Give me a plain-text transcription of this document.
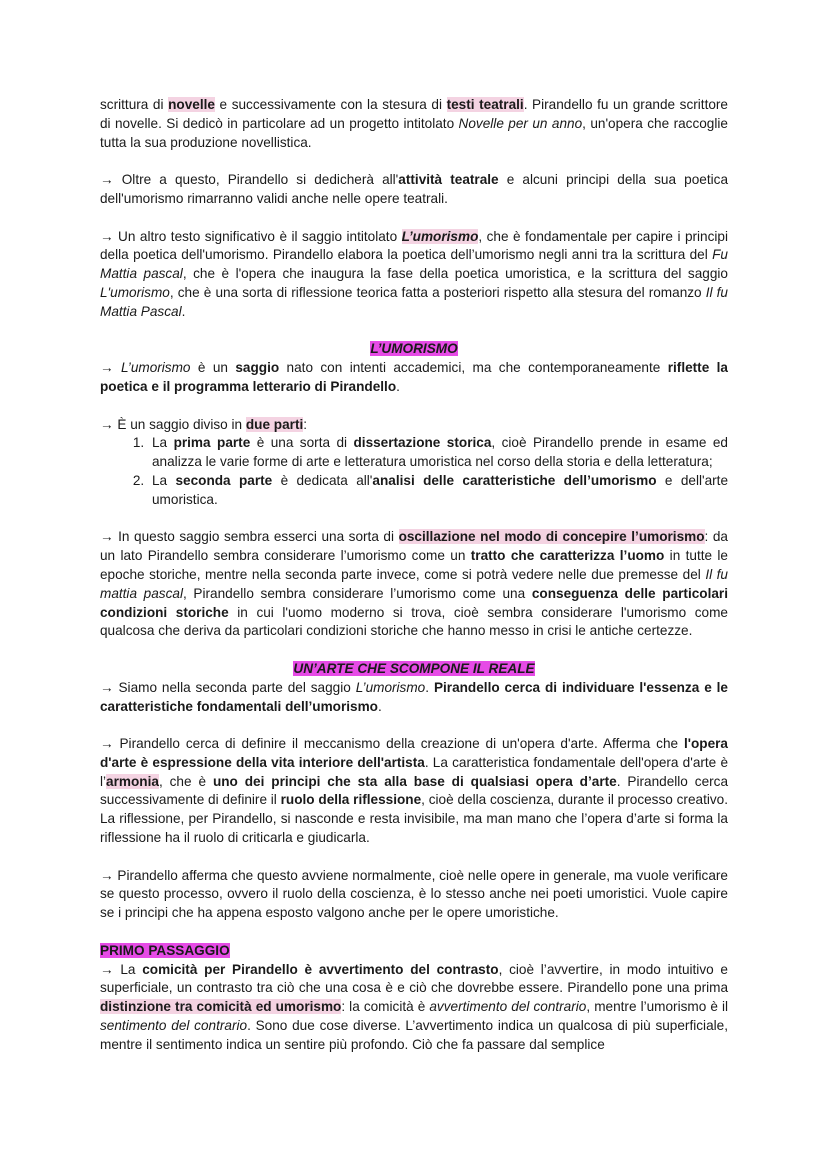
scrittura di novelle e successivamente con la stesura di testi teatrali. Pirandello fu un grande scrittore di novelle. Si dedicò in particolare ad un progetto intitolato Novelle per un anno, un'opera che raccoglie tutta la sua produzione novellistica.

→ Oltre a questo, Pirandello si dedicherà all'attività teatrale e alcuni principi della sua poetica dell'umorismo rimarranno validi anche nelle opere teatrali.

→ Un altro testo significativo è il saggio intitolato L’umorismo, che è fondamentale per capire i principi della poetica dell'umorismo. Pirandello elabora la poetica dell’umorismo negli anni tra la scrittura del Fu Mattia pascal, che è l'opera che inaugura la fase della poetica umoristica, e la scrittura del saggio L'umorismo, che è una sorta di riflessione teorica fatta a posteriori rispetto alla stesura del romanzo Il fu Mattia Pascal.

L’UMORISMO

→ L’umorismo è un saggio nato con intenti accademici, ma che contemporaneamente riflette la poetica e il programma letterario di Pirandello.

→ È un saggio diviso in due parti:

1. La prima parte è una sorta di dissertazione storica, cioè Pirandello prende in esame ed analizza le varie forme di arte e letteratura umoristica nel corso della storia e della letteratura;
2. La seconda parte è dedicata all'analisi delle caratteristiche dell’umorismo e dell'arte umoristica.

→ In questo saggio sembra esserci una sorta di oscillazione nel modo di concepire l’umorismo: da un lato Pirandello sembra considerare l’umorismo come un tratto che caratterizza l’uomo in tutte le epoche storiche, mentre nella seconda parte invece, come si potrà vedere nelle due premesse del Il fu mattia pascal, Pirandello sembra considerare l’umorismo come una conseguenza delle particolari condizioni storiche in cui l'uomo moderno si trova, cioè sembra considerare l'umorismo come qualcosa che deriva da particolari condizioni storiche che hanno messo in crisi le antiche certezze.

UN’ARTE CHE SCOMPONE IL REALE

→ Siamo nella seconda parte del saggio L’umorismo. Pirandello cerca di individuare l'essenza e le caratteristiche fondamentali dell’umorismo.

→ Pirandello cerca di definire il meccanismo della creazione di un'opera d'arte. Afferma che l'opera d'arte è espressione della vita interiore dell'artista. La caratteristica fondamentale dell'opera d'arte è l’armonia, che è uno dei principi che sta alla base di qualsiasi opera d’arte. Pirandello cerca successivamente di definire il ruolo della riflessione, cioè della coscienza, durante il processo creativo. La riflessione, per Pirandello, si nasconde e resta invisibile, ma man mano che l’opera d’arte si forma la riflessione ha il ruolo di criticarla e giudicarla.

→ Pirandello afferma che questo avviene normalmente, cioè nelle opere in generale, ma vuole verificare se questo processo, ovvero il ruolo della coscienza, è lo stesso anche nei poeti umoristici. Vuole capire se i principi che ha appena esposto valgono anche per le opere umoristiche.

PRIMO PASSAGGIO

→ La comicità per Pirandello è avvertimento del contrasto, cioè l’avvertire, in modo intuitivo e superficiale, un contrasto tra ciò che una cosa è e ciò che dovrebbe essere. Pirandello pone una prima distinzione tra comicità ed umorismo: la comicità è avvertimento del contrario, mentre l’umorismo è il sentimento del contrario. Sono due cose diverse. L’avvertimento indica un qualcosa di più superficiale, mentre il sentimento indica un sentire più profondo. Ciò che fa passare dal semplice
